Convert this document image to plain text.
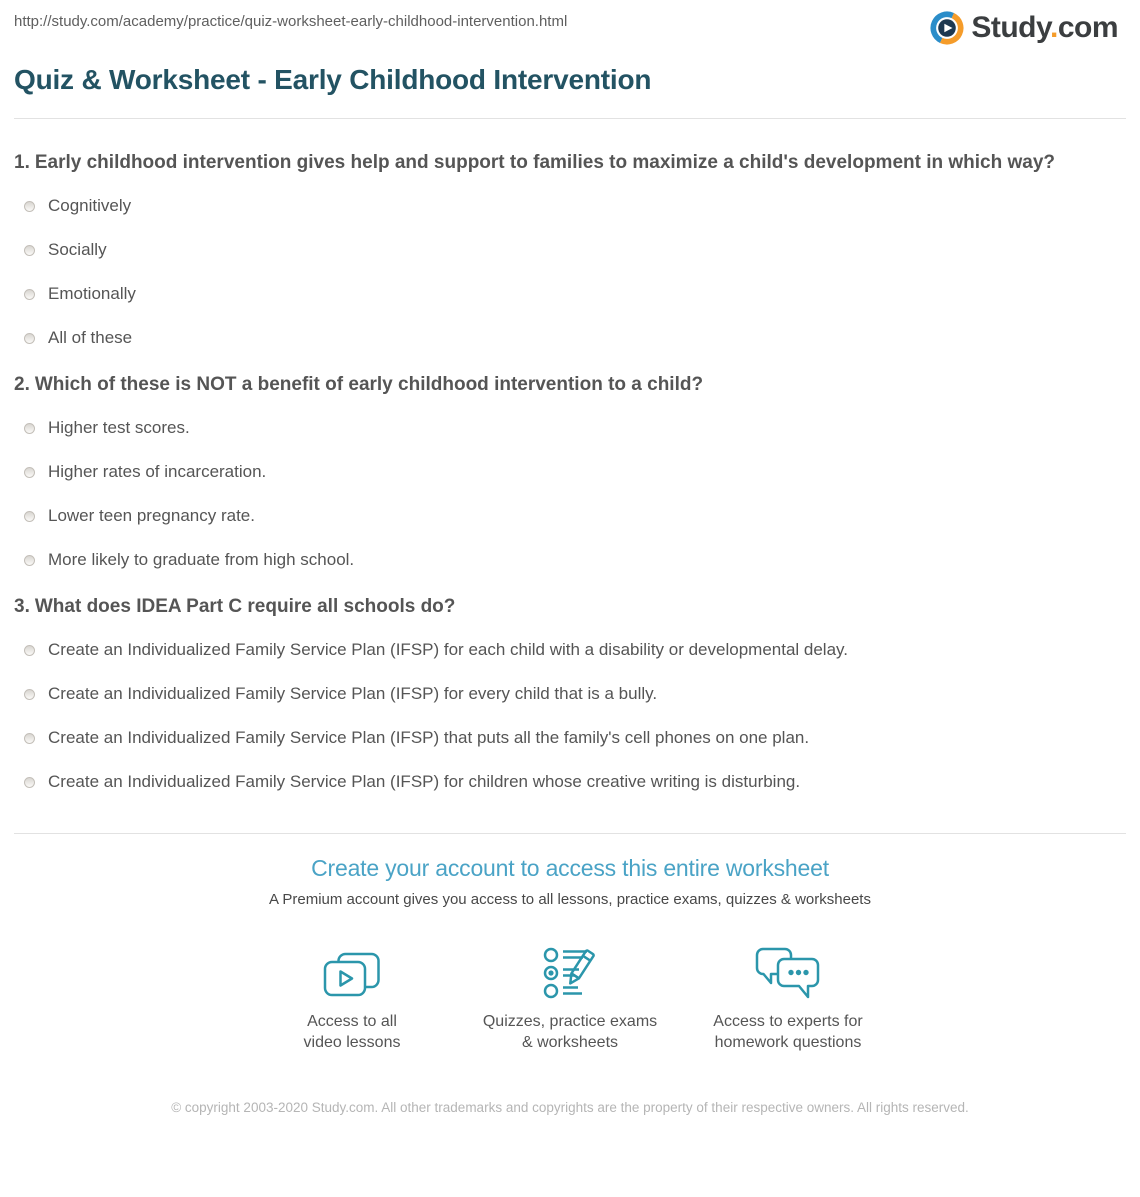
http://study.com/academy/practice/quiz-worksheet-early-childhood-intervention.html	Study.com
Quiz & Worksheet - Early Childhood Intervention
1. Early childhood intervention gives help and support to families to maximize a child's development in which way?
Cognitively
Socially
Emotionally
All of these
2. Which of these is NOT a benefit of early childhood intervention to a child?
Higher test scores.
Higher rates of incarceration.
Lower teen pregnancy rate.
More likely to graduate from high school.
3. What does IDEA Part C require all schools do?
Create an Individualized Family Service Plan (IFSP) for each child with a disability or developmental delay.
Create an Individualized Family Service Plan (IFSP) for every child that is a bully.
Create an Individualized Family Service Plan (IFSP) that puts all the family's cell phones on one plan.
Create an Individualized Family Service Plan (IFSP) for children whose creative writing is disturbing.
Create your account to access this entire worksheet
A Premium account gives you access to all lessons, practice exams, quizzes & worksheets
Access to all
video lessons
Quizzes, practice exams
& worksheets
Access to experts for
homework questions
© copyright 2003-2020 Study.com. All other trademarks and copyrights are the property of their respective owners. All rights reserved.
